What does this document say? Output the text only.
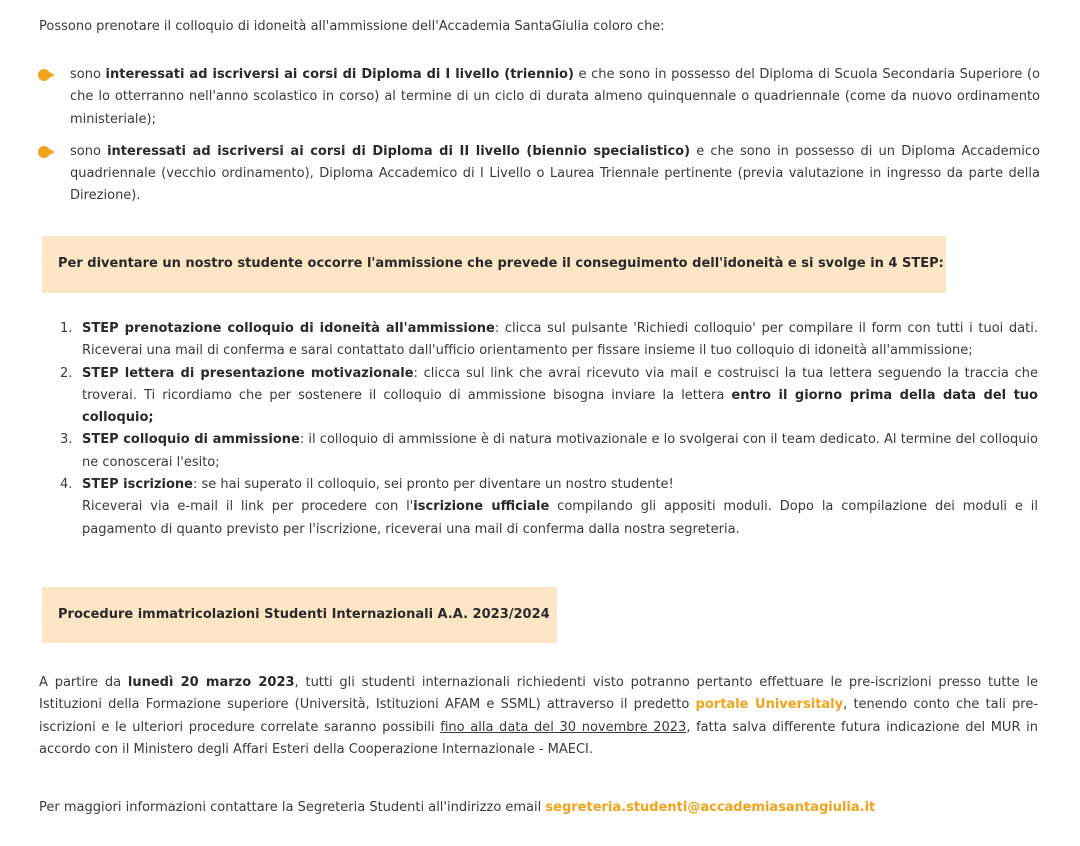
Possono prenotare il colloquio di idoneità all'ammissione dell'Accademia SantaGiulia coloro che:
sono interessati ad iscriversi ai corsi di Diploma di I livello (triennio) e che sono in possesso del Diploma di Scuola Secondaria Superiore (o che lo otterranno nell'anno scolastico in corso) al termine di un ciclo di durata almeno quinquennale o quadriennale (come da nuovo ordinamento ministeriale);
sono interessati ad iscriversi ai corsi di Diploma di II livello (biennio specialistico) e che sono in possesso di un Diploma Accademico quadriennale (vecchio ordinamento), Diploma Accademico di I Livello o Laurea Triennale pertinente (previa valutazione in ingresso da parte della Direzione).
Per diventare un nostro studente occorre l'ammissione che prevede il conseguimento dell'idoneità e si svolge in 4 STEP:
1. STEP prenotazione colloquio di idoneità all'ammissione: clicca sul pulsante 'Richiedi colloquio' per compilare il form con tutti i tuoi dati. Riceverai una mail di conferma e sarai contattato dall'ufficio orientamento per fissare insieme il tuo colloquio di idoneità all'ammissione;
2. STEP lettera di presentazione motivazionale: clicca sul link che avrai ricevuto via mail e costruisci la tua lettera seguendo la traccia che troverai. Ti ricordiamo che per sostenere il colloquio di ammissione bisogna inviare la lettera entro il giorno prima della data del tuo colloquio;
3. STEP colloquio di ammissione: il colloquio di ammissione è di natura motivazionale e lo svolgerai con il team dedicato. Al termine del colloquio ne conoscerai l'esito;
4. STEP iscrizione: se hai superato il colloquio, sei pronto per diventare un nostro studente!
Riceverai via e-mail il link per procedere con l'iscrizione ufficiale compilando gli appositi moduli. Dopo la compilazione dei moduli e il pagamento di quanto previsto per l'iscrizione, riceverai una mail di conferma dalla nostra segreteria.
Procedure immatricolazioni Studenti Internazionali A.A. 2023/2024
A partire da lunedì 20 marzo 2023, tutti gli studenti internazionali richiedenti visto potranno pertanto effettuare le pre-iscrizioni presso tutte le Istituzioni della Formazione superiore (Università, Istituzioni AFAM e SSML) attraverso il predetto portale Universitaly, tenendo conto che tali pre-iscrizioni e le ulteriori procedure correlate saranno possibili fino alla data del 30 novembre 2023, fatta salva differente futura indicazione del MUR in accordo con il Ministero degli Affari Esteri della Cooperazione Internazionale - MAECI.
Per maggiori informazioni contattare la Segreteria Studenti all'indirizzo email segreteria.studenti@accademiasantagiulia.it
